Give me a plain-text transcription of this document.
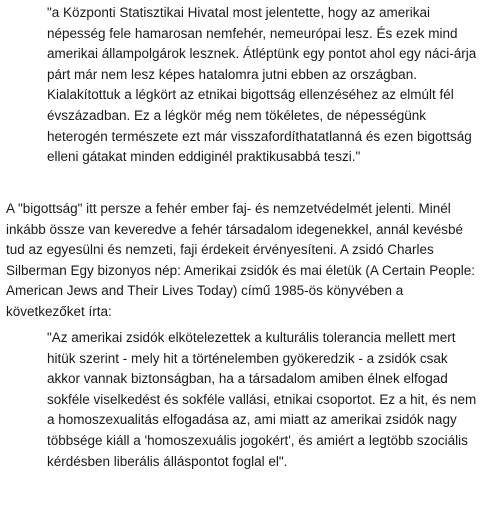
"a Központi Statisztikai Hivatal most jelentette, hogy az amerikai népesség fele hamarosan nemfehér, nemeurópai lesz. És ezek mind amerikai állampolgárok lesznek. Átléptünk egy pontot ahol egy náci-árja párt már nem lesz képes hatalomra jutni ebben az országban. Kialakítottuk a légkört az etnikai bigottság ellenzéséhez az elmúlt fél évszázadban. Ez a légkör még nem tökéletes, de népességünk heterogén természete ezt már visszafordíthatatlanná és ezen bigottság elleni gátakat minden eddiginél praktikusabbá teszi."

A "bigottság" itt persze a fehér ember faj- és nemzetvédelmét jelenti. Minél inkább össze van keveredve a fehér társadalom idegenekkel, annál kevésbé tud az egyesülni és nemzeti, faji érdekeit érvényesíteni. A zsidó Charles Silberman Egy bizonyos nép: Amerikai zsidók és mai életük (A Certain People: American Jews and Their Lives Today) című 1985-ös könyvében a következőket írta:

"Az amerikai zsidók elkötelezettek a kulturális tolerancia mellett mert hitük szerint - mely hit a történelemben gyökeredzik - a zsidók csak akkor vannak biztonságban, ha a társadalom amiben élnek elfogad sokféle viselkedést és sokféle vallási, etnikai csoportot. Ez a hit, és nem a homoszexualitás elfogadása az, ami miatt az amerikai zsidók nagy többsége kiáll a 'homoszexuális jogokért', és amiért a legtöbb szociális kérdésben liberális álláspontot foglal el".
